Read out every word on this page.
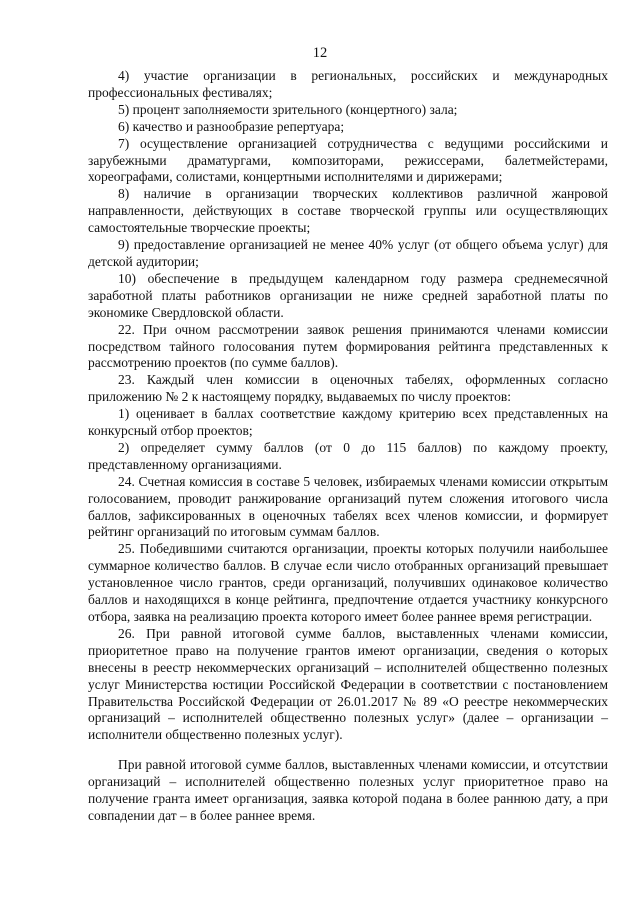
12

4) участие организации в региональных, российских и международных профессиональных фестивалях;

5) процент заполняемости зрительного (концертного) зала;

6) качество и разнообразие репертуара;

7) осуществление организацией сотрудничества с ведущими российскими и зарубежными драматургами, композиторами, режиссерами, балетмейстерами, хореографами, солистами, концертными исполнителями и дирижерами;

8) наличие в организации творческих коллективов различной жанровой направленности, действующих в составе творческой группы или осуществляющих самостоятельные творческие проекты;

9) предоставление организацией не менее 40% услуг (от общего объема услуг) для детской аудитории;

10) обеспечение в предыдущем календарном году размера среднемесячной заработной платы работников организации не ниже средней заработной платы по экономике Свердловской области.

22. При очном рассмотрении заявок решения принимаются членами комиссии посредством тайного голосования путем формирования рейтинга представленных к рассмотрению проектов (по сумме баллов).

23. Каждый член комиссии в оценочных табелях, оформленных согласно приложению № 2 к настоящему порядку, выдаваемых по числу проектов:

1) оценивает в баллах соответствие каждому критерию всех представленных на конкурсный отбор проектов;

2) определяет сумму баллов (от 0 до 115 баллов) по каждому проекту, представленному организациями.

24. Счетная комиссия в составе 5 человек, избираемых членами комиссии открытым голосованием, проводит ранжирование организаций путем сложения итогового числа баллов, зафиксированных в оценочных табелях всех членов комиссии, и формирует рейтинг организаций по итоговым суммам баллов.

25. Победившими считаются организации, проекты которых получили наибольшее суммарное количество баллов. В случае если число отобранных организаций превышает установленное число грантов, среди организаций, получивших одинаковое количество баллов и находящихся в конце рейтинга, предпочтение отдается участнику конкурсного отбора, заявка на реализацию проекта которого имеет более раннее время регистрации.

26. При равной итоговой сумме баллов, выставленных членами комиссии, приоритетное право на получение грантов имеют организации, сведения о которых внесены в реестр некоммерческих организаций – исполнителей общественно полезных услуг Министерства юстиции Российской Федерации в соответствии с постановлением Правительства Российской Федерации от 26.01.2017 № 89 «О реестре некоммерческих организаций – исполнителей общественно полезных услуг» (далее – организации – исполнители общественно полезных услуг).

При равной итоговой сумме баллов, выставленных членами комиссии, и отсутствии организаций – исполнителей общественно полезных услуг приоритетное право на получение гранта имеет организация, заявка которой подана в более раннюю дату, а при совпадении дат – в более раннее время.
